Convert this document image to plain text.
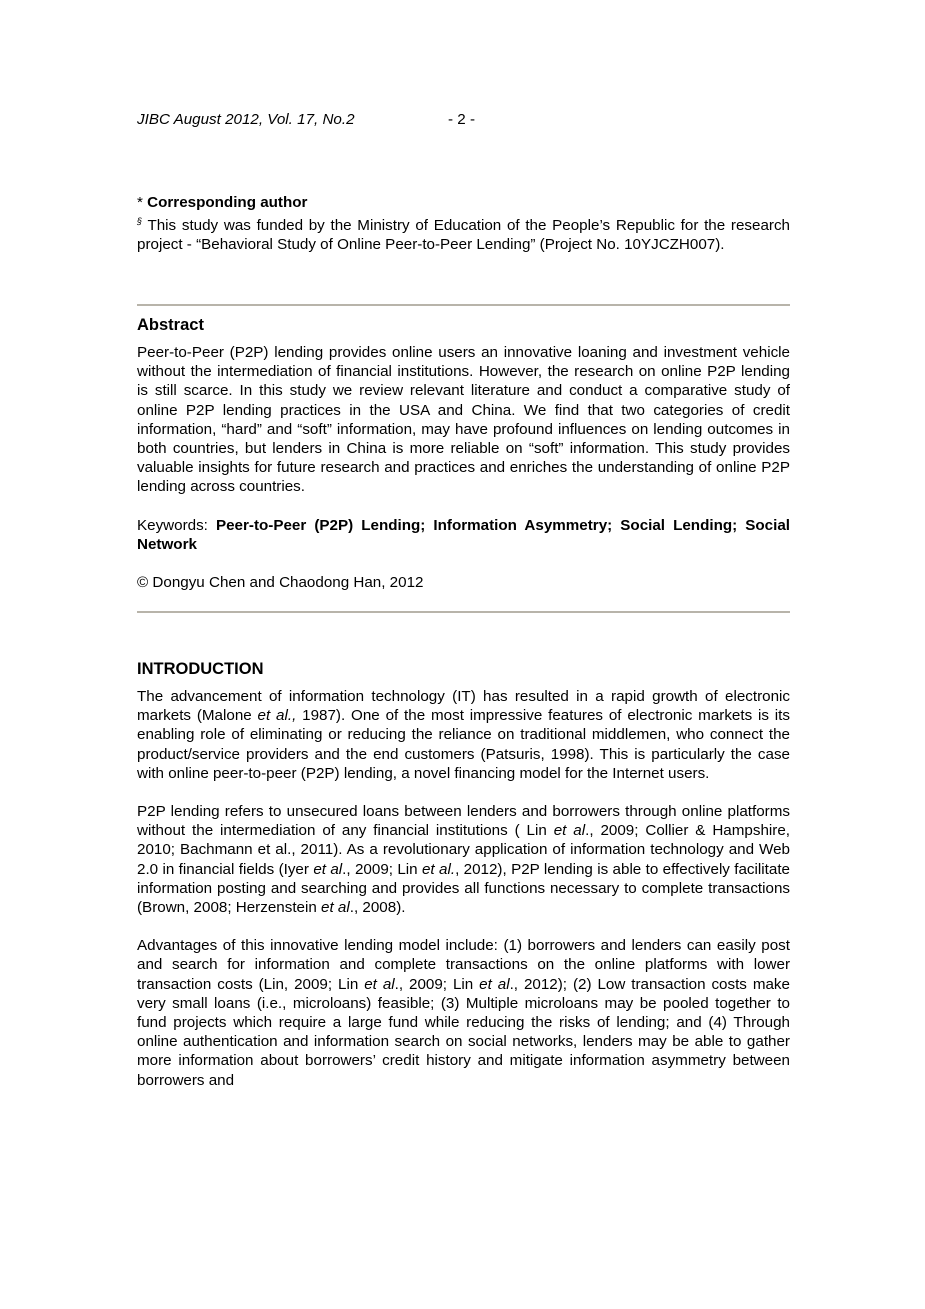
JIBC August 2012, Vol. 17, No.2	- 2 -

* Corresponding author

§ This study was funded by the Ministry of Education of the People’s Republic for the research project - “Behavioral Study of Online Peer-to-Peer Lending” (Project No. 10YJCZH007).

Abstract

Peer-to-Peer (P2P) lending provides online users an innovative loaning and investment vehicle without the intermediation of financial institutions. However, the research on online P2P lending is still scarce. In this study we review relevant literature and conduct a comparative study of online P2P lending practices in the USA and China. We find that two categories of credit information, “hard” and “soft” information, may have profound influences on lending outcomes in both countries, but lenders in China is more reliable on “soft” information. This study provides valuable insights for future research and practices and enriches the understanding of online P2P lending across countries.

Keywords: Peer-to-Peer (P2P) Lending; Information Asymmetry; Social Lending; Social Network

© Dongyu Chen and Chaodong Han, 2012

INTRODUCTION

The advancement of information technology (IT) has resulted in a rapid growth of electronic markets (Malone et al., 1987). One of the most impressive features of electronic markets is its enabling role of eliminating or reducing the reliance on traditional middlemen, who connect the product/service providers and the end customers (Patsuris, 1998). This is particularly the case with online peer-to-peer (P2P) lending, a novel financing model for the Internet users.

P2P lending refers to unsecured loans between lenders and borrowers through online platforms without the intermediation of any financial institutions ( Lin et al., 2009; Collier & Hampshire, 2010; Bachmann et al., 2011). As a revolutionary application of information technology and Web 2.0 in financial fields (Iyer et al., 2009; Lin et al., 2012), P2P lending is able to effectively facilitate information posting and searching and provides all functions necessary to complete transactions (Brown, 2008; Herzenstein et al., 2008).

Advantages of this innovative lending model include: (1) borrowers and lenders can easily post and search for information and complete transactions on the online platforms with lower transaction costs (Lin, 2009; Lin et al., 2009; Lin et al., 2012); (2) Low transaction costs make very small loans (i.e., microloans) feasible; (3) Multiple microloans may be pooled together to fund projects which require a large fund while reducing the risks of lending; and (4) Through online authentication and information search on social networks, lenders may be able to gather more information about borrowers’ credit history and mitigate information asymmetry between borrowers and
